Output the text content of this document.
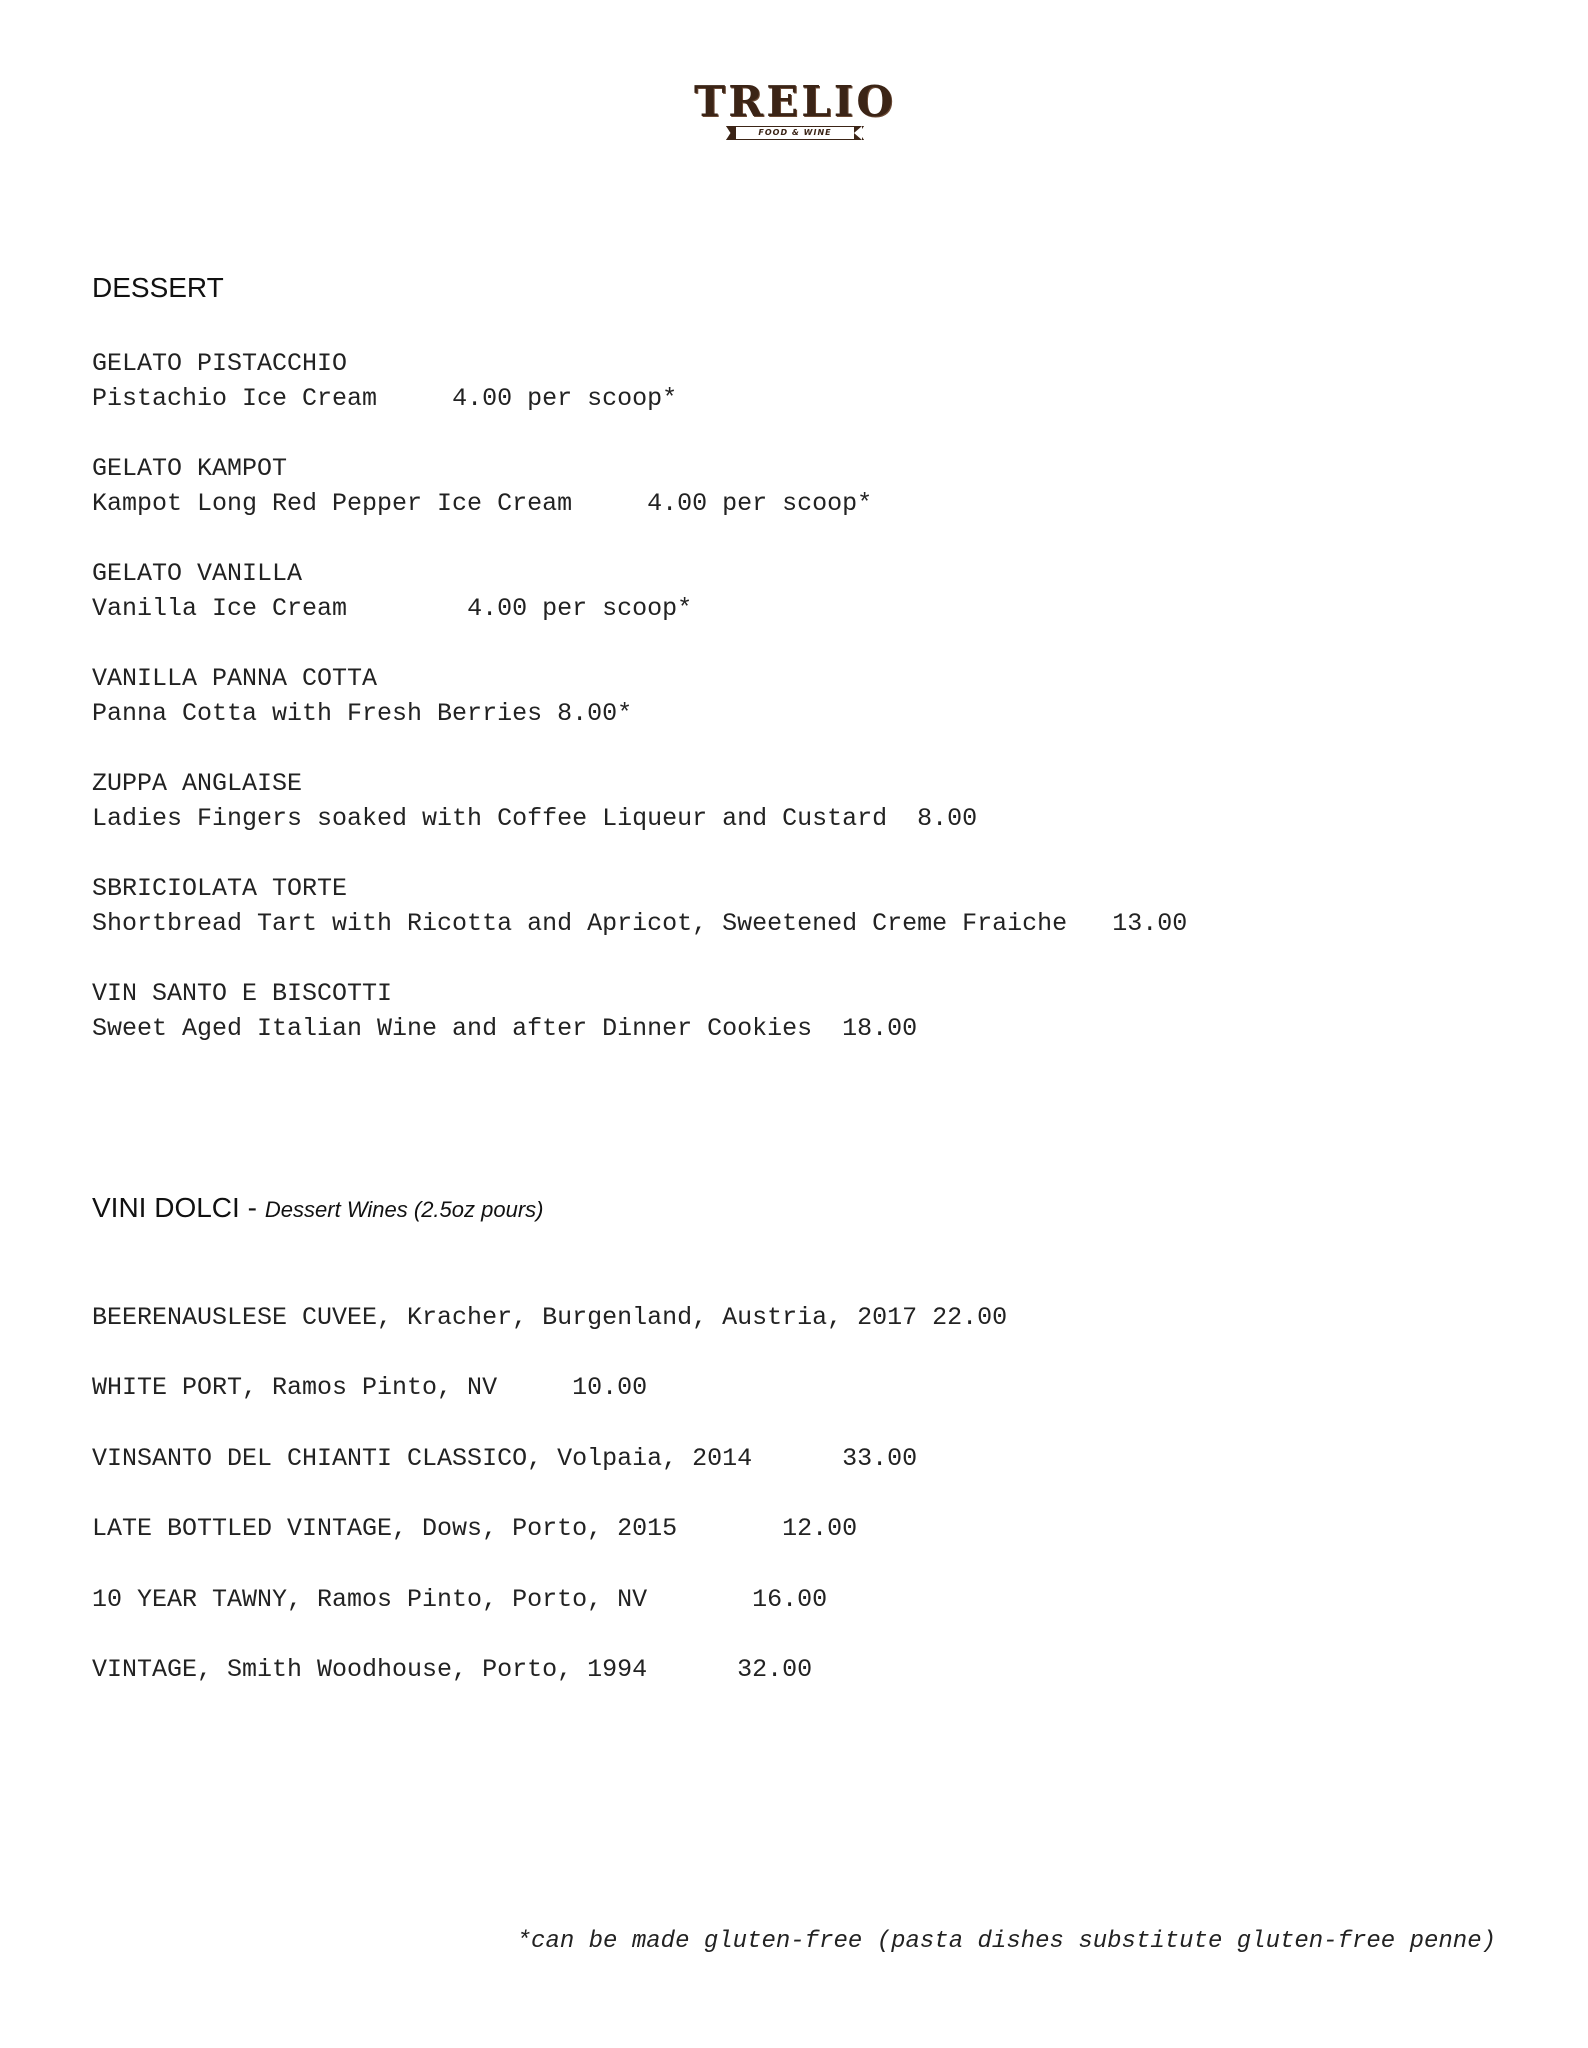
TRELIO
FOOD & WINE
DESSERT
GELATO PISTACCHIO
Pistachio Ice Cream	4.00 per scoop*
GELATO KAMPOT
Kampot Long Red Pepper Ice Cream	4.00 per scoop*
GELATO VANILLA
Vanilla Ice Cream	4.00 per scoop*
VANILLA PANNA COTTA
Panna Cotta with Fresh Berries 8.00*
ZUPPA ANGLAISE
Ladies Fingers soaked with Coffee Liqueur and Custard 8.00
SBRICIOLATA TORTE
Shortbread Tart with Ricotta and Apricot, Sweetened Creme Fraiche 13.00
VIN SANTO E BISCOTTI
Sweet Aged Italian Wine and after Dinner Cookies 18.00
VINI DOLCI - Dessert Wines (2.5oz pours)
BEERENAUSLESE CUVEE, Kracher, Burgenland, Austria, 2017 22.00
WHITE PORT, Ramos Pinto, NV	10.00
VINSANTO DEL CHIANTI CLASSICO, Volpaia, 2014	33.00
LATE BOTTLED VINTAGE, Dows, Porto, 2015	12.00
10 YEAR TAWNY, Ramos Pinto, Porto, NV	16.00
VINTAGE, Smith Woodhouse, Porto, 1994	32.00
*can be made gluten-free (pasta dishes substitute gluten-free penne)
